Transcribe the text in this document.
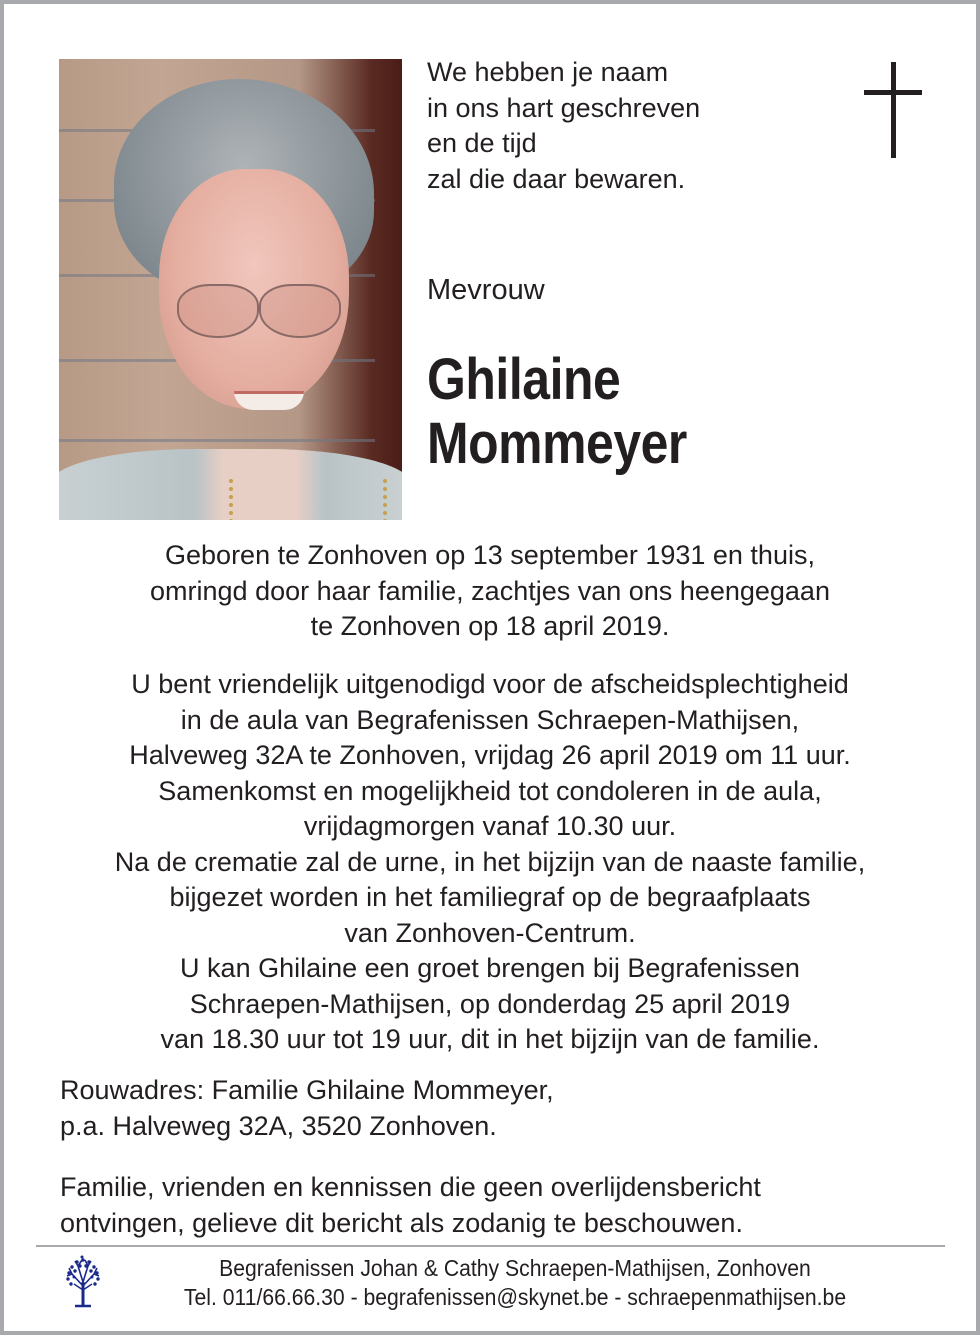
We hebben je naam
in ons hart geschreven
en de tijd
zal die daar bewaren.
Mevrouw
Ghilaine
Mommeyer
Geboren te Zonhoven op 13 september 1931 en thuis,
omringd door haar familie, zachtjes van ons heengegaan
te Zonhoven op 18 april 2019.
U bent vriendelijk uitgenodigd voor de afscheidsplechtigheid
in de aula van Begrafenissen Schraepen-Mathijsen,
Halveweg 32A te Zonhoven, vrijdag 26 april 2019 om 11 uur.
Samenkomst en mogelijkheid tot condoleren in de aula,
vrijdagmorgen vanaf 10.30 uur.
Na de crematie zal de urne, in het bijzijn van de naaste familie,
bijgezet worden in het familiegraf op de begraafplaats
van Zonhoven-Centrum.
U kan Ghilaine een groet brengen bij Begrafenissen
Schraepen-Mathijsen, op donderdag 25 april 2019
van 18.30 uur tot 19 uur, dit in het bijzijn van de familie.
Rouwadres: Familie Ghilaine Mommeyer,
p.a. Halveweg 32A, 3520 Zonhoven.
Familie, vrienden en kennissen die geen overlijdensbericht
ontvingen, gelieve dit bericht als zodanig te beschouwen.
Begrafenissen Johan & Cathy Schraepen-Mathijsen, Zonhoven
Tel. 011/66.66.30 - begrafenissen@skynet.be - schraepenmathijsen.be
